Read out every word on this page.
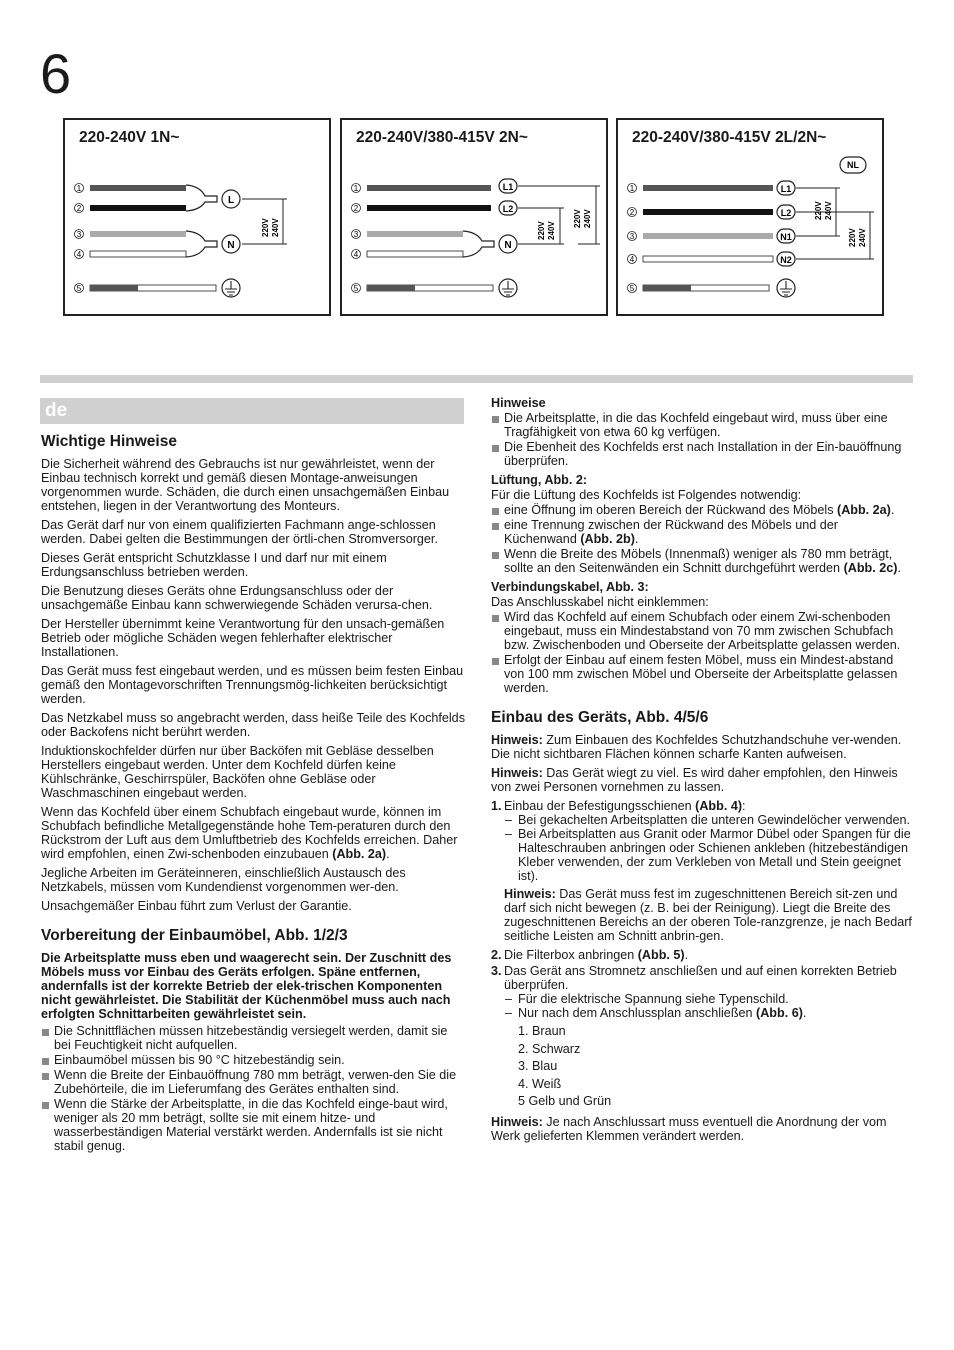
6
220-240V 1N~
1
2
3
4
5
L
N
220V 240V
220-240V/380-415V 2N~
1
2
3
4
5
L1
L2
N
220V 240V
220V 240V
220-240V/380-415V 2L/2N~
1
2
3
4
5
NL
L1
L2
N1
N2
220V 240V
220V 240V
de
Wichtige Hinweise

Die Sicherheit während des Gebrauchs ist nur gewährleistet, wenn der Einbau technisch korrekt und gemäß diesen Montage-anweisungen vorgenommen wurde. Schäden, die durch einen unsachgemäßen Einbau entstehen, liegen in der Verantwortung des Monteurs.

Das Gerät darf nur von einem qualifizierten Fachmann ange-schlossen werden. Dabei gelten die Bestimmungen der örtli-chen Stromversorger.

Dieses Gerät entspricht Schutzklasse I und darf nur mit einem Erdungsanschluss betrieben werden.

Die Benutzung dieses Geräts ohne Erdungsanschluss oder der unsachgemäße Einbau kann schwerwiegende Schäden verursa-chen.

Der Hersteller übernimmt keine Verantwortung für den unsach-gemäßen Betrieb oder mögliche Schäden wegen fehlerhafter elektrischer Installationen.

Das Gerät muss fest eingebaut werden, und es müssen beim festen Einbau gemäß den Montagevorschriften Trennungsmög-lichkeiten berücksichtigt werden.

Das Netzkabel muss so angebracht werden, dass heiße Teile des Kochfelds oder Backofens nicht berührt werden.

Induktionskochfelder dürfen nur über Backöfen mit Gebläse desselben Herstellers eingebaut werden. Unter dem Kochfeld dürfen keine Kühlschränke, Geschirrspüler, Backöfen ohne Gebläse oder Waschmaschinen eingebaut werden.

Wenn das Kochfeld über einem Schubfach eingebaut wurde, können im Schubfach befindliche Metallgegenstände hohe Tem-peraturen durch den Rückstrom der Luft aus dem Umluftbetrieb des Kochfelds erreichen. Daher wird empfohlen, einen Zwi-schenboden einzubauen (Abb. 2a).

Jegliche Arbeiten im Geräteinneren, einschließlich Austausch des Netzkabels, müssen vom Kundendienst vorgenommen wer-den.

Unsachgemäßer Einbau führt zum Verlust der Garantie.

Vorbereitung der Einbaumöbel, Abb. 1/2/3

Die Arbeitsplatte muss eben und waagerecht sein. Der Zuschnitt des Möbels muss vor Einbau des Geräts erfolgen. Späne entfernen, andernfalls ist der korrekte Betrieb der elek-trischen Komponenten nicht gewährleistet. Die Stabilität der Küchenmöbel muss auch nach erfolgten Schnittarbeiten gewährleistet sein.

Die Schnittflächen müssen hitzebeständig versiegelt werden, damit sie bei Feuchtigkeit nicht aufquellen.
Einbaumöbel müssen bis 90 °C hitzebeständig sein.
Wenn die Breite der Einbauöffnung 780 mm beträgt, verwen-den Sie die Zubehörteile, die im Lieferumfang des Gerätes enthalten sind.
Wenn die Stärke der Arbeitsplatte, in die das Kochfeld einge-baut wird, weniger als 20 mm beträgt, sollte sie mit einem hitze- und wasserbeständigen Material verstärkt werden. Andernfalls ist sie nicht stabil genug.
Hinweise
Die Arbeitsplatte, in die das Kochfeld eingebaut wird, muss über eine Tragfähigkeit von etwa 60 kg verfügen.
Die Ebenheit des Kochfelds erst nach Installation in der Ein-bauöffnung überprüfen.
Lüftung, Abb. 2:

Für die Lüftung des Kochfelds ist Folgendes notwendig:

eine Öffnung im oberen Bereich der Rückwand des Möbels (Abb. 2a).
eine Trennung zwischen der Rückwand des Möbels und der Küchenwand (Abb. 2b).
Wenn die Breite des Möbels (Innenmaß) weniger als 780 mm beträgt, sollte an den Seitenwänden ein Schnitt durchgeführt werden (Abb. 2c).
Verbindungskabel, Abb. 3:

Das Anschlusskabel nicht einklemmen:

Wird das Kochfeld auf einem Schubfach oder einem Zwi-schenboden eingebaut, muss ein Mindestabstand von 70 mm zwischen Schubfach bzw. Zwischenboden und Oberseite der Arbeitsplatte gelassen werden.
Erfolgt der Einbau auf einem festen Möbel, muss ein Mindest-abstand von 100 mm zwischen Möbel und Oberseite der Arbeitsplatte gelassen werden.
Einbau des Geräts, Abb. 4/5/6

Hinweis: Zum Einbauen des Kochfeldes Schutzhandschuhe ver-wenden. Die nicht sichtbaren Flächen können scharfe Kanten aufweisen.

Hinweis: Das Gerät wiegt zu viel. Es wird daher empfohlen, den Hinweis von zwei Personen vornehmen zu lassen.

1. Einbau der Befestigungsschienen (Abb. 4):
– Bei gekachelten Arbeitsplatten die unteren Gewindelöcher verwenden.
– Bei Arbeitsplatten aus Granit oder Marmor Dübel oder Spangen für die Halteschrauben anbringen oder Schienen ankleben (hitzebeständigen Kleber verwenden, der zum Verkleben von Metall und Stein geeignet ist).

Hinweis: Das Gerät muss fest im zugeschnittenen Bereich sit-zen und darf sich nicht bewegen (z. B. bei der Reinigung). Liegt die Breite des zugeschnittenen Bereichs an der oberen Tole-ranzgrenze, je nach Bedarf seitliche Leisten am Schnitt anbrin-gen.

2. Die Filterbox anbringen (Abb. 5).
3. Das Gerät ans Stromnetz anschließen und auf einen korrekten Betrieb überprüfen.
– Für die elektrische Spannung siehe Typenschild.
– Nur nach dem Anschlussplan anschließen (Abb. 6).
1. Braun
2. Schwarz
3. Blau
4. Weiß
5 Gelb und Grün

Hinweis: Je nach Anschlussart muss eventuell die Anordnung der vom Werk gelieferten Klemmen verändert werden.
